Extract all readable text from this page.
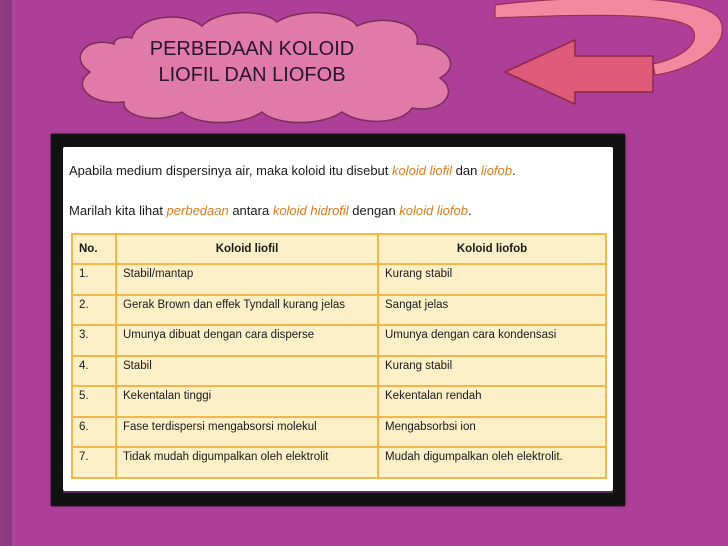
PERBEDAAN KOLOID
LIOFIL DAN LIOFOB
Apabila medium dispersinya air, maka koloid itu disebut koloid liofil dan liofob.
Marilah kita lihat perbedaan antara koloid hidrofil dengan koloid liofob.
No.	Koloid liofil	Koloid liofob
1.	Stabil/mantap	Kurang stabil
2.	Gerak Brown dan effek Tyndall kurang jelas	Sangat jelas
3.	Umunya dibuat dengan cara disperse	Umunya dengan cara kondensasi
4.	Stabil	Kurang stabil
5.	Kekentalan tinggi	Kekentalan rendah
6.	Fase terdispersi mengabsorsi molekul	Mengabsorbsi ion
7.	Tidak mudah digumpalkan oleh elektrolit	Mudah digumpalkan oleh elektrolit.
